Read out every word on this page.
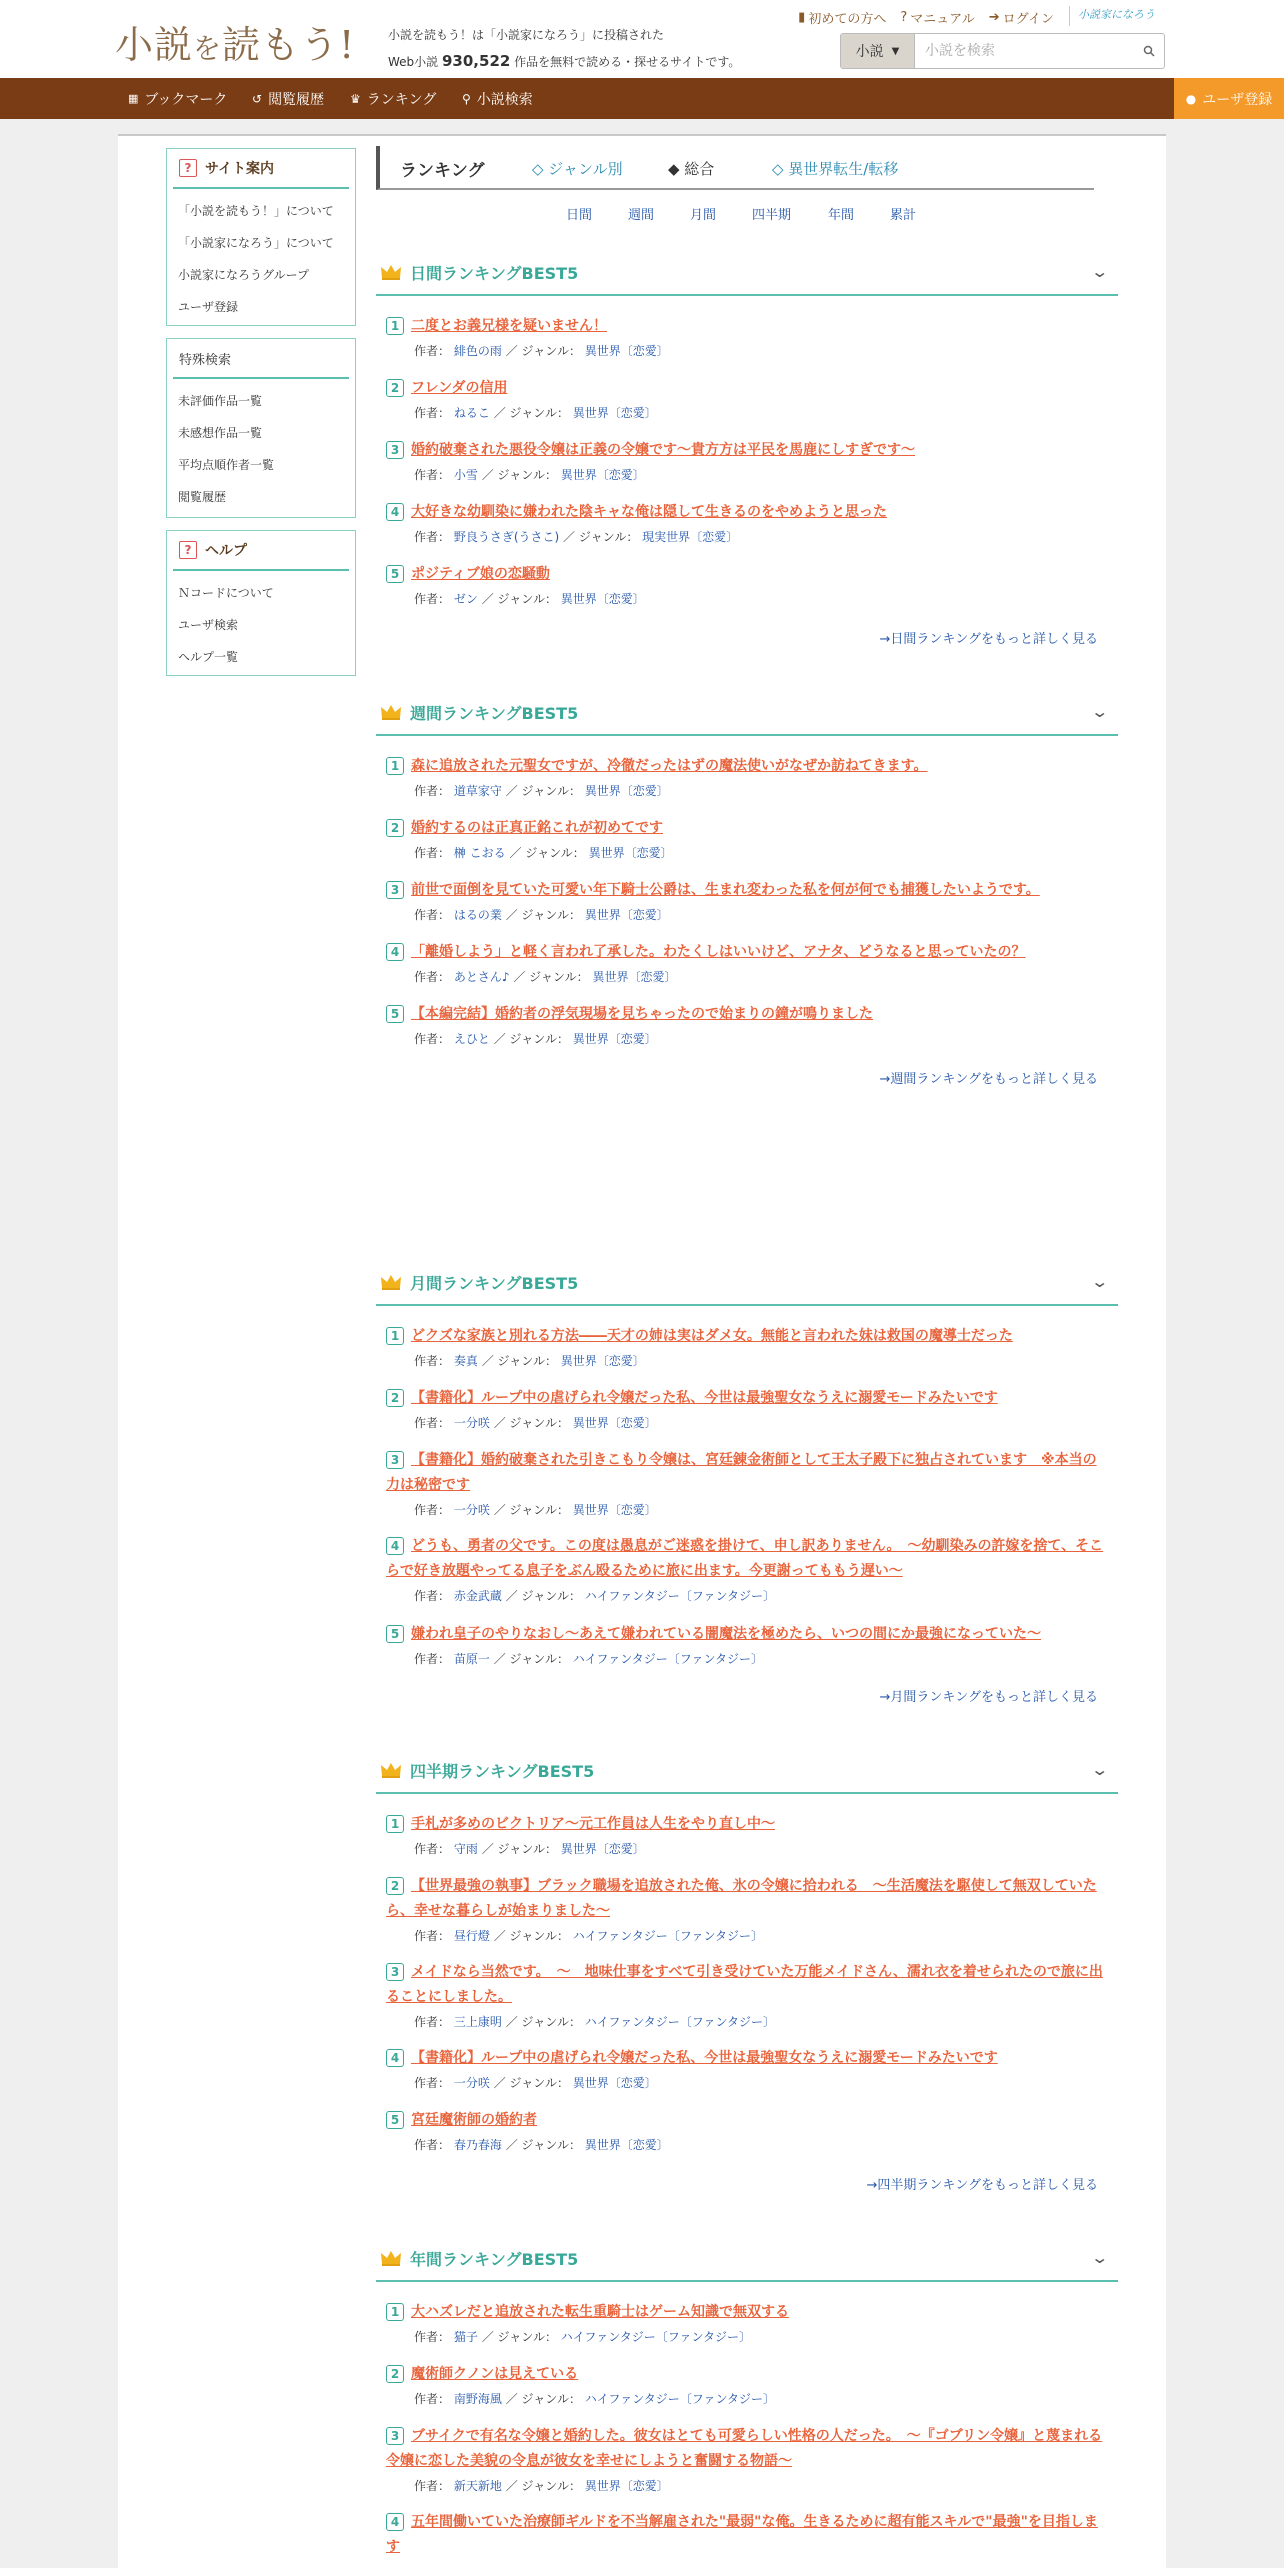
小説を読もう!	小説を読もう！は「小説家になろう」に投稿された
Web小説 930,522 作品を無料で読める・探せるサイトです。
▮ 初めての方へ ? マニュアル ➔ ログイン	小説家になろう
小説 ▼
小説を検索
▦ ブックマーク ↺ 閲覧履歴 ♛ ランキング ⚲ 小説検索	● ユーザ登録
? サイト案内
「小説を読もう！」について
「小説家になろう」について
小説家になろうグループ
ユーザ登録
特殊検索
未評価作品一覧
未感想作品一覧
平均点順作者一覧
閲覧履歴
? ヘルプ
Ｎコードについて
ユーザ検索
ヘルプ一覧
ランキング	◇ ジャンル別	◆ 総合	◇ 異世界転生/転移
日間	週間	月間	四半期	年間	累計
日間ランキングBEST5	⌄
1 二度とお義兄様を疑いません！
作者： 緋色の雨 ／ ジャンル： 異世界〔恋愛〕
2 フレンダの信用
作者： ねるこ ／ ジャンル： 異世界〔恋愛〕
3 婚約破棄された悪役令嬢は正義の令嬢です〜貴方方は平民を馬鹿にしすぎです〜
作者： 小雪 ／ ジャンル： 異世界〔恋愛〕
4 大好きな幼馴染に嫌われた陰キャな俺は隠して生きるのをやめようと思った
作者： 野良うさぎ(うさこ) ／ ジャンル： 現実世界〔恋愛〕
5 ポジティブ娘の恋騒動
作者： ゼン ／ ジャンル： 異世界〔恋愛〕
→日間ランキングをもっと詳しく見る
週間ランキングBEST5	⌄
1 森に追放された元聖女ですが、冷徹だったはずの魔法使いがなぜか訪ねてきます。
作者： 道草家守 ／ ジャンル： 異世界〔恋愛〕
2 婚約するのは正真正銘これが初めてです
作者： 榊 こおる ／ ジャンル： 異世界〔恋愛〕
3 前世で面倒を見ていた可愛い年下騎士公爵は、生まれ変わった私を何が何でも捕獲したいようです。
作者： はるの業 ／ ジャンル： 異世界〔恋愛〕
4 「離婚しよう」と軽く言われ了承した。わたくしはいいけど、アナタ、どうなると思っていたの？
作者： あとさん♪ ／ ジャンル： 異世界〔恋愛〕
5 【本編完結】婚約者の浮気現場を見ちゃったので始まりの鐘が鳴りました
作者： えひと ／ ジャンル： 異世界〔恋愛〕
→週間ランキングをもっと詳しく見る
月間ランキングBEST5	⌄
1 どクズな家族と別れる方法――天才の姉は実はダメ女。無能と言われた妹は救国の魔導士だった
作者： 奏真 ／ ジャンル： 異世界〔恋愛〕
2 【書籍化】ループ中の虐げられ令嬢だった私、今世は最強聖女なうえに溺愛モードみたいです
作者： 一分咲 ／ ジャンル： 異世界〔恋愛〕
3 【書籍化】婚約破棄された引きこもり令嬢は、宮廷錬金術師として王太子殿下に独占されています　※本当の力は秘密です
作者： 一分咲 ／ ジャンル： 異世界〔恋愛〕
4 どうも、勇者の父です。この度は愚息がご迷惑を掛けて、申し訳ありません。　〜幼馴染みの許嫁を捨て、そこらで好き放題やってる息子をぶん殴るために旅に出ます。今更謝ってももう遅い〜
作者： 赤金武蔵 ／ ジャンル： ハイファンタジー〔ファンタジー〕
5 嫌われ皇子のやりなおし～あえて嫌われている闇魔法を極めたら、いつの間にか最強になっていた～
作者： 苗原一 ／ ジャンル： ハイファンタジー〔ファンタジー〕
→月間ランキングをもっと詳しく見る
四半期ランキングBEST5	⌄
1 手札が多めのビクトリア〜元工作員は人生をやり直し中〜
作者： 守雨 ／ ジャンル： 異世界〔恋愛〕
2 【世界最強の執事】ブラック職場を追放された俺、氷の令嬢に拾われる　～生活魔法を駆使して無双していたら、幸せな暮らしが始まりました～
作者： 昼行燈 ／ ジャンル： ハイファンタジー〔ファンタジー〕
3 メイドなら当然です。　～　地味仕事をすべて引き受けていた万能メイドさん、濡れ衣を着せられたので旅に出ることにしました。
作者： 三上康明 ／ ジャンル： ハイファンタジー〔ファンタジー〕
4 【書籍化】ループ中の虐げられ令嬢だった私、今世は最強聖女なうえに溺愛モードみたいです
作者： 一分咲 ／ ジャンル： 異世界〔恋愛〕
5 宮廷魔術師の婚約者
作者： 春乃春海 ／ ジャンル： 異世界〔恋愛〕
→四半期ランキングをもっと詳しく見る
年間ランキングBEST5	⌄
1 大ハズレだと追放された転生重騎士はゲーム知識で無双する
作者： 猫子 ／ ジャンル： ハイファンタジー〔ファンタジー〕
2 魔術師クノンは見えている
作者： 南野海風 ／ ジャンル： ハイファンタジー〔ファンタジー〕
3 ブサイクで有名な令嬢と婚約した。彼女はとても可愛らしい性格の人だった。　～『ゴブリン令嬢』と蔑まれる令嬢に恋した美貌の令息が彼女を幸せにしようと奮闘する物語～
作者： 新天新地 ／ ジャンル： 異世界〔恋愛〕
4 五年間働いていた治療師ギルドを不当解雇された"最弱"な俺。生きるために超有能スキルで"最強"を目指します
